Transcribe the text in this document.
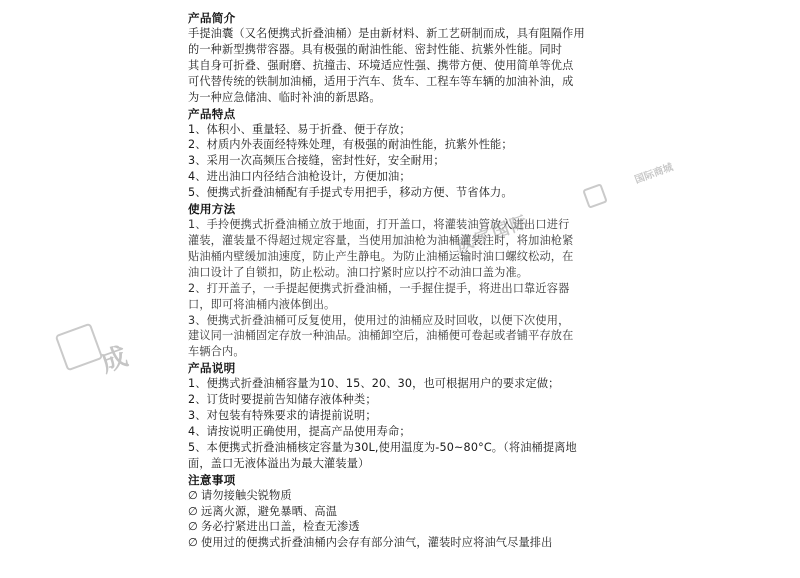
产品简介
手提油囊（又名便携式折叠油桶）是由新材料、新工艺研制而成，具有阻隔作用
的一种新型携带容器。具有极强的耐油性能、密封性能、抗紫外性能。同时
其自身可折叠、强耐磨、抗撞击、环境适应性强、携带方便、使用简单等优点
可代替传统的铁制加油桶，适用于汽车、货车、工程车等车辆的加油补油，成
为一种应急储油、临时补油的新思路。
产品特点
1、体积小、重量轻、易于折叠、便于存放；
2、材质内外表面经特殊处理，有极强的耐油性能，抗紫外性能；
3、采用一次高频压合接缝，密封性好，安全耐用；
4、进出油口内径结合油枪设计，方便加油；
5、便携式折叠油桶配有手提式专用把手，移动方便、节省体力。
使用方法
1、手拎便携式折叠油桶立放于地面，打开盖口，将灌装油管放入进出口进行
灌装，灌装量不得超过规定容量，当使用加油枪为油桶灌装注时，将加油枪紧
贴油桶内壁缓加油速度，防止产生静电。为防止油桶运输时油口螺纹松动，在
油口设计了自锁扣，防止松动。油口拧紧时应以拧不动油口盖为准。
2、打开盖子，一手提起便携式折叠油桶，一手握住提手，将进出口靠近容器
口，即可将油桶内液体倒出。
3、便携式折叠油桶可反复使用，使用过的油桶应及时回收，以便下次使用，
建议同一油桶固定存放一种油品。油桶卸空后，油桶便可卷起或者铺平存放在
车辆合内。
产品说明
1、便携式折叠油桶容量为10、15、20、30，也可根据用户的要求定做；
2、订货时要提前告知储存液体种类；
3、对包装有特殊要求的请提前说明；
4、请按说明正确使用，提高产品使用寿命；
5、本便携式折叠油桶核定容量为30L,使用温度为-50~80°C。（将油桶提离地
面，盖口无液体溢出为最大灌装量）
注意事项
∅ 请勿接触尖锐物质
∅ 远离火源，避免暴晒、高温
∅ 务必拧紧进出口盖，检查无渗透
∅ 使用过的便携式折叠油桶内会存有部分油气，灌装时应将油气尽量排出
成
成宇国际
国际商城
